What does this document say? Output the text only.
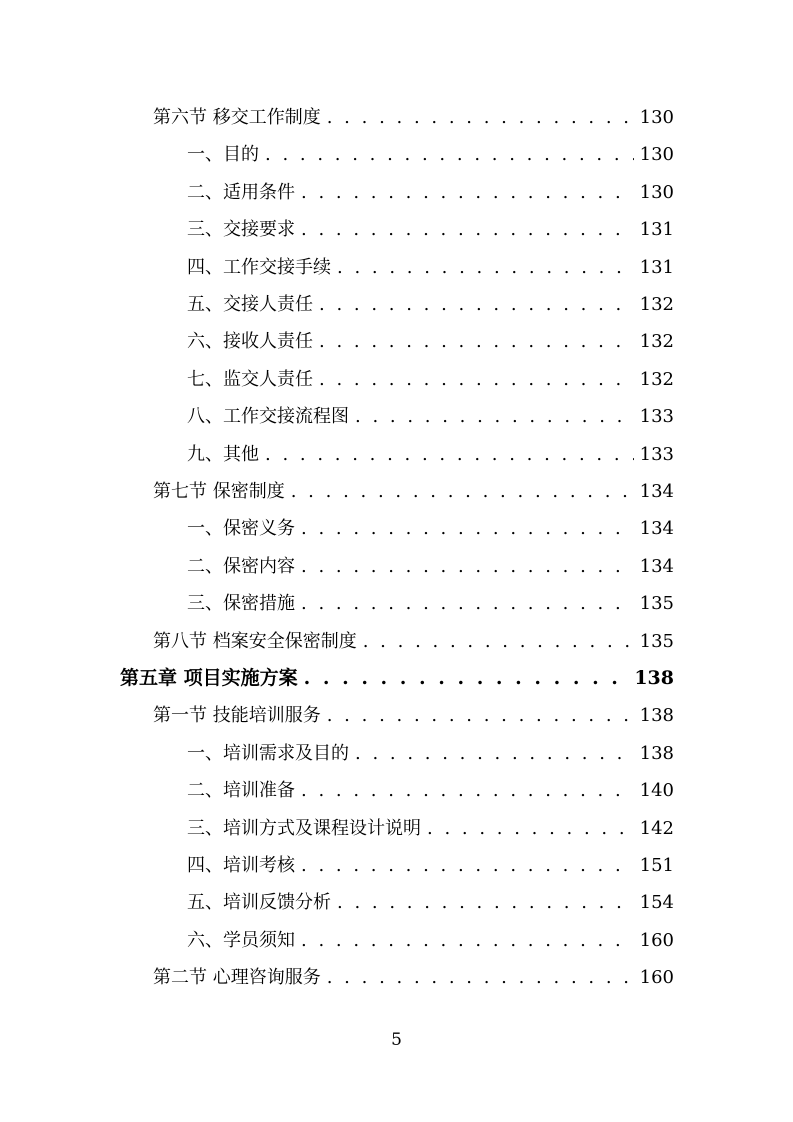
第六节 移交工作制度 . . .	130
一、目的 . . .	130
二、适用条件 . . .	130
三、交接要求 . . .	131
四、工作交接手续 . . .	131
五、交接人责任 . . .	132
六、接收人责任 . . .	132
七、监交人责任 . . .	132
八、工作交接流程图 . . .	133
九、其他 . . .	133
第七节 保密制度 . . .	134
一、保密义务 . . .	134
二、保密内容 . . .	134
三、保密措施 . . .	135
第八节 档案安全保密制度 . . .	135
第五章 项目实施方案 . . .	138
第一节 技能培训服务 . . .	138
一、培训需求及目的 . . .	138
二、培训准备 . . .	140
三、培训方式及课程设计说明 . . .	142
四、培训考核 . . .	151
五、培训反馈分析 . . .	154
六、学员须知 . . .	160
第二节 心理咨询服务 . . .	160
5
